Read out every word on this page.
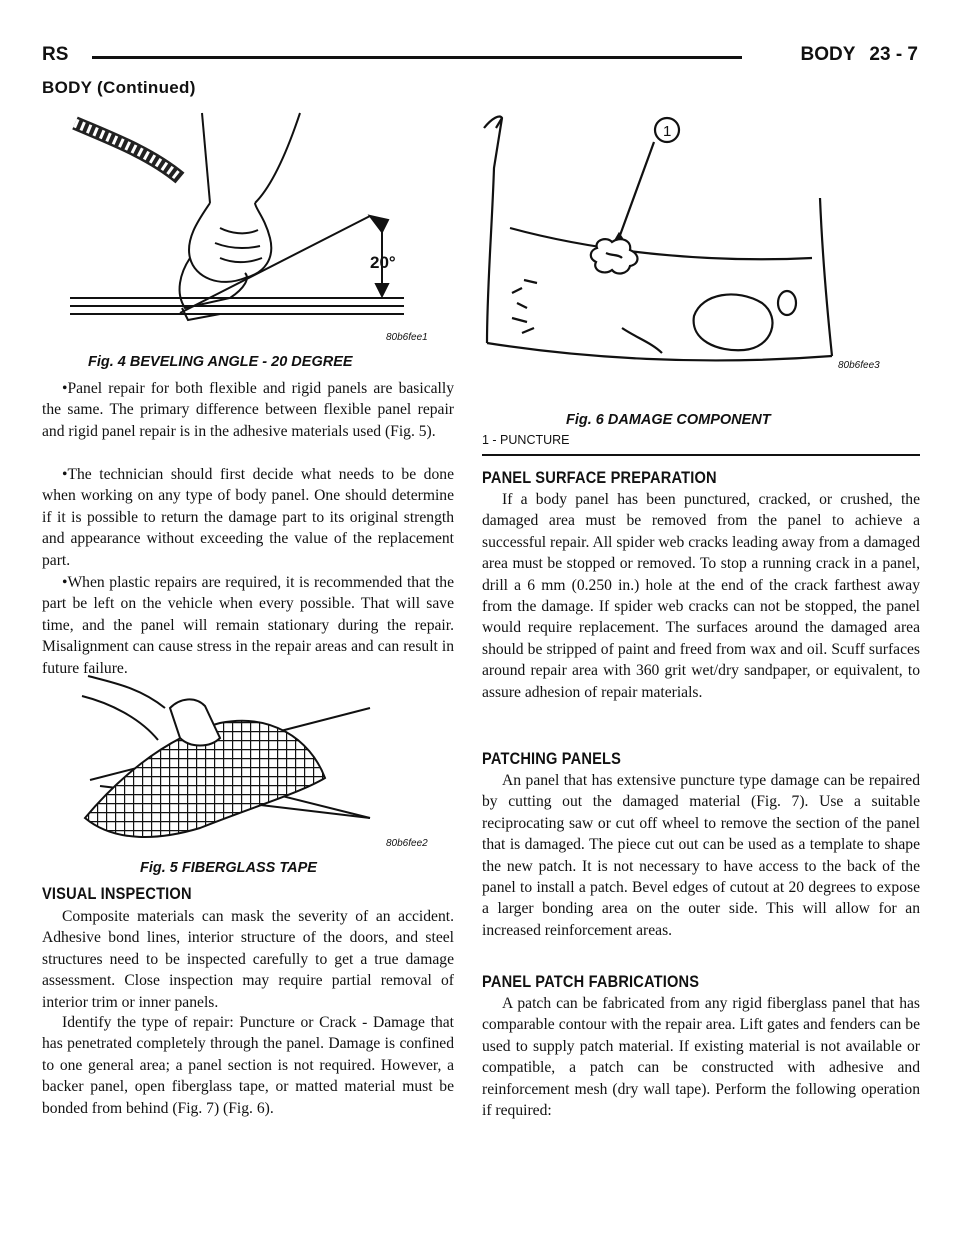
RS	BODY 23 - 7
BODY (Continued)
20°
80b6fee1
Fig. 4 BEVELING ANGLE - 20 DEGREE

•Panel repair for both flexible and rigid panels are basically the same. The primary difference between flexible panel repair and rigid panel repair is in the adhesive materials used (Fig. 5).

•The technician should first decide what needs to be done when working on any type of body panel. One should determine if it is possible to return the damage part to its original strength and appearance without exceeding the value of the replacement part.

•When plastic repairs are required, it is recommended that the part be left on the vehicle when every possible. That will save time, and the panel will remain stationary during the repair. Misalignment can cause stress in the repair areas and can result in future failure.

80b6fee2
Fig. 5 FIBERGLASS TAPE
VISUAL INSPECTION

Composite materials can mask the severity of an accident. Adhesive bond lines, interior structure of the doors, and steel structures need to be inspected carefully to get a true damage assessment. Close inspection may require partial removal of interior trim or inner panels.

Identify the type of repair: Puncture or Crack - Damage that has penetrated completely through the panel. Damage is confined to one general area; a panel section is not required. However, a backer panel, open fiberglass tape, or matted material must be bonded from behind (Fig. 7) (Fig. 6).

1
80b6fee3
Fig. 6 DAMAGE COMPONENT
1 - PUNCTURE
PANEL SURFACE PREPARATION

If a body panel has been punctured, cracked, or crushed, the damaged area must be removed from the panel to achieve a successful repair. All spider web cracks leading away from a damaged area must be stopped or removed. To stop a running crack in a panel, drill a 6 mm (0.250 in.) hole at the end of the crack farthest away from the damage. If spider web cracks can not be stopped, the panel would require replacement. The surfaces around the damaged area should be stripped of paint and freed from wax and oil. Scuff surfaces around repair area with 360 grit wet/dry sandpaper, or equivalent, to assure adhesion of repair materials.

PATCHING PANELS

An panel that has extensive puncture type damage can be repaired by cutting out the damaged material (Fig. 7). Use a suitable reciprocating saw or cut off wheel to remove the section of the panel that is damaged. The piece cut out can be used as a template to shape the new patch. It is not necessary to have access to the back of the panel to install a patch. Bevel edges of cutout at 20 degrees to expose a larger bonding area on the outer side. This will allow for an increased reinforcement areas.

PANEL PATCH FABRICATIONS

A patch can be fabricated from any rigid fiberglass panel that has comparable contour with the repair area. Lift gates and fenders can be used to supply patch material. If existing material is not available or compatible, a patch can be constructed with adhesive and reinforcement mesh (dry wall tape). Perform the following operation if required:
